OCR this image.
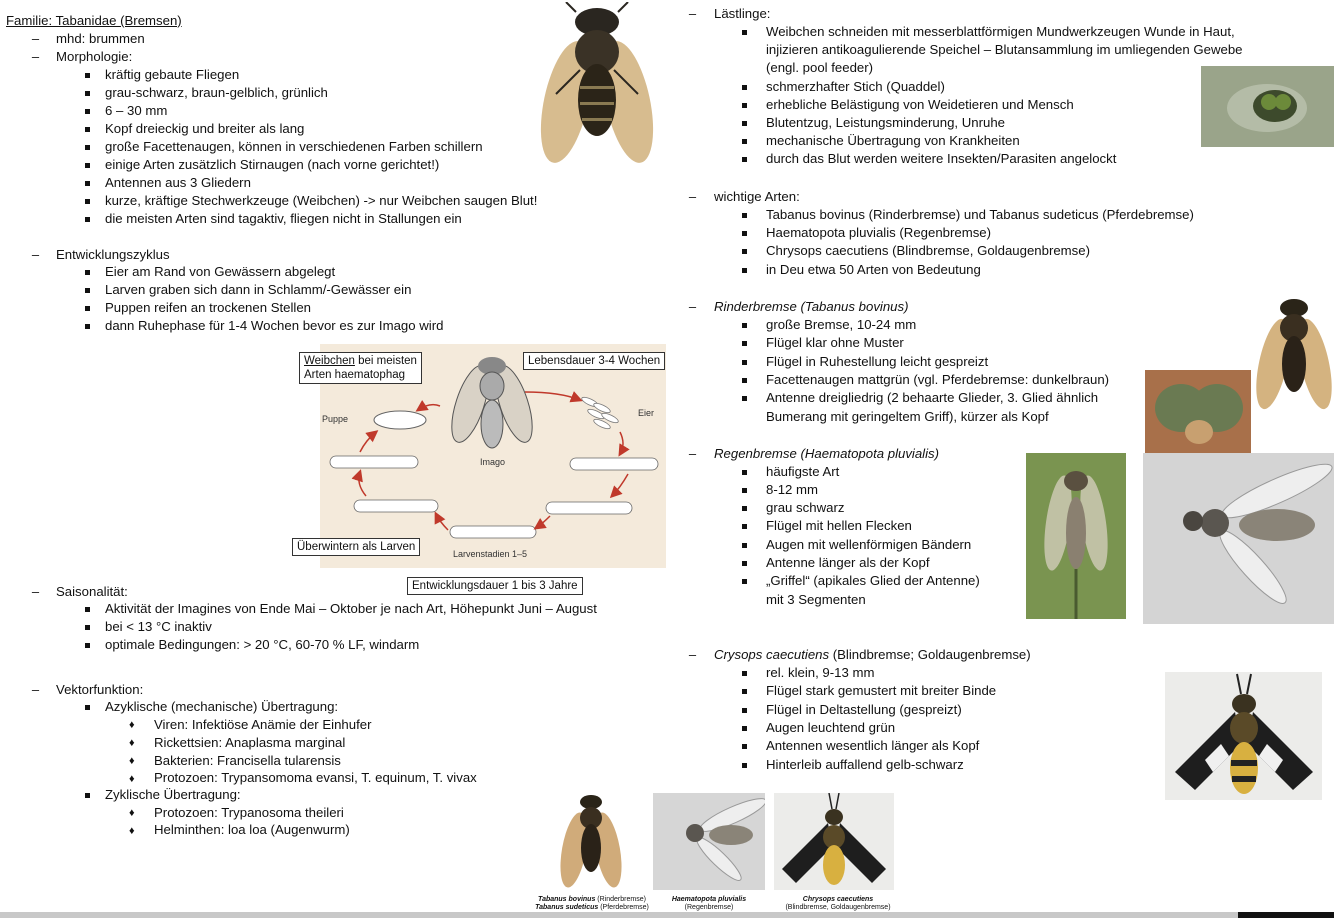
Familie: Tabanidae (Bremsen)
– mhd: brummen
– Morphologie:
kräftig gebaute Fliegen
grau-schwarz, braun-gelblich, grünlich
6 – 30 mm
Kopf dreieckig und breiter als lang
große Facettenaugen, können in verschiedenen Farben schillern
einige Arten zusätzlich Stirnaugen (nach vorne gerichtet!)
Antennen aus 3 Gliedern
kurze, kräftige Stechwerkzeuge (Weibchen) -> nur Weibchen saugen Blut!
die meisten Arten sind tagaktiv, fliegen nicht in Stallungen ein
– Entwicklungszyklus
Eier am Rand von Gewässern abgelegt
Larven graben sich dann in Schlamm/-Gewässer ein
Puppen reifen an trockenen Stellen
dann Ruhephase für 1-4 Wochen bevor es zur Imago wird
– Saisonalität:
Aktivität der Imagines von Ende Mai – Oktober je nach Art, Höhepunkt Juni – August
bei < 13 °C inaktiv
optimale Bedingungen: > 20 °C, 60-70 % LF, windarm
– Vektorfunktion:
Azyklische (mechanische) Übertragung:
♦ Viren: Infektiöse Anämie der Einhufer
♦ Rickettsien: Anaplasma marginal
♦ Bakterien: Francisella tularensis
♦ Protozoen: Trypansomoma evansi, T. equinum, T. vivax
Zyklische Übertragung:
♦ Protozoen: Trypanosoma theileri
♦ Helminthen: loa loa (Augenwurm)
Puppe
Eier
Imago
Larvenstadien 1–5
Weibchen bei meisten
Arten haematophag
Lebensdauer 3-4 Wochen
Überwintern als Larven
Entwicklungsdauer 1 bis 3 Jahre
– Lästlinge:
Weibchen schneiden mit messerblattförmigen Mundwerkzeugen Wunde in Haut, injizieren antikoagulierende Speichel – Blutansammlung im umliegenden Gewebe (engl. pool feeder)
schmerzhafter Stich (Quaddel)
erhebliche Belästigung von Weidetieren und Mensch
Blutentzug, Leistungsminderung, Unruhe
mechanische Übertragung von Krankheiten
durch das Blut werden weitere Insekten/Parasiten angelockt
– wichtige Arten:
Tabanus bovinus (Rinderbremse) und Tabanus sudeticus (Pferdebremse)
Haematopota pluvialis (Regenbremse)
Chrysops caecutiens (Blindbremse, Goldaugenbremse)
in Deu etwa 50 Arten von Bedeutung
– Rinderbremse (Tabanus bovinus)
große Bremse, 10-24 mm
Flügel klar ohne Muster
Flügel in Ruhestellung leicht gespreizt
Facettenaugen mattgrün (vgl. Pferdebremse: dunkelbraun)
Antenne dreigliedrig (2 behaarte Glieder, 3. Glied ähnlich
Bumerang mit geringeltem Griff), kürzer als Kopf
– Regenbremse (Haematopota pluvialis)
häufigste Art
8-12 mm
grau schwarz
Flügel mit hellen Flecken
Augen mit wellenförmigen Bändern
Antenne länger als der Kopf
„Griffel“ (apikales Glied der Antenne)
mit 3 Segmenten
– Crysops caecutiens (Blindbremse; Goldaugenbremse)
rel. klein, 9-13 mm
Flügel stark gemustert mit breiter Binde
Flügel in Deltastellung (gespreizt)
Augen leuchtend grün
Antennen wesentlich länger als Kopf
Hinterleib auffallend gelb-schwarz
Tabanus bovinus (Rinderbremse)
Tabanus sudeticus (Pferdebremse)
Haematopota pluvialis
(Regenbremse)
Chrysops caecutiens
(Blindbremse, Goldaugenbremse)
